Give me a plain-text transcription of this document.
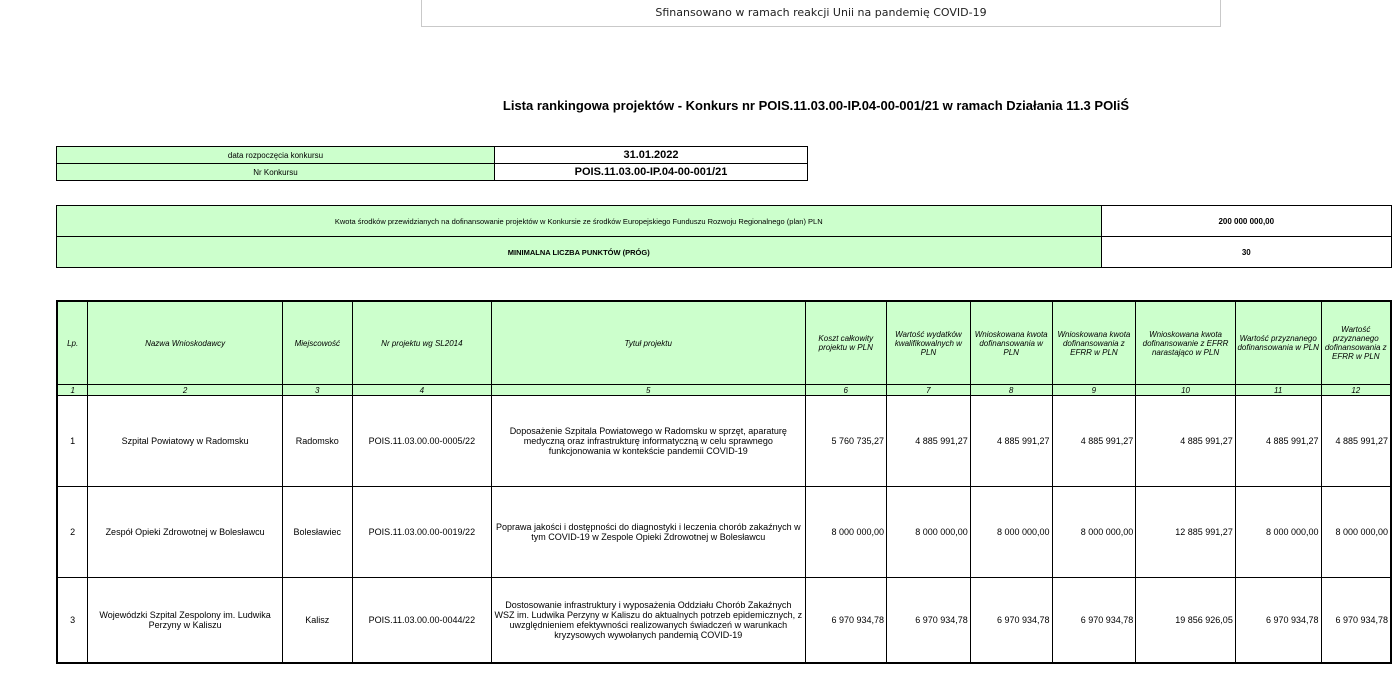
Sfinansowano w ramach reakcji Unii na pandemię COVID-19
Lista rankingowa projektów - Konkurs nr POIS.11.03.00-IP.04-00-001/21 w ramach Działania 11.3 POIiŚ
data rozpoczęcia konkursu	31.01.2022
Nr Konkursu	POIS.11.03.00-IP.04-00-001/21
Kwota środków przewidzianych na dofinansowanie projektów w Konkursie ze środków Europejskiego Funduszu Rozwoju Regionalnego (plan) PLN	200 000 000,00
MINIMALNA LICZBA PUNKTÓW (PRÓG)	30
Lp.	Nazwa Wnioskodawcy	Miejscowość	Nr projektu wg SL2014	Tytuł projektu	Koszt całkowity projektu w PLN	Wartość wydatków kwalifikowalnych w PLN	Wnioskowana kwota dofinansowania w PLN	Wnioskowana kwota dofinansowania z EFRR w PLN	Wnioskowana kwota dofinansowanie z EFRR narastająco w PLN	Wartość przyznanego dofinansowania w PLN	Wartość przyznanego dofinansowania z EFRR w PLN
1	2	3	4	5	6	7	8	9	10	11	12
1	Szpital Powiatowy w Radomsku	Radomsko	POIS.11.03.00.00-0005/22	Doposażenie Szpitala Powiatowego w Radomsku w sprzęt, aparaturę medyczną oraz infrastrukturę informatyczną w celu sprawnego funkcjonowania w kontekście pandemii COVID-19	5 760 735,27	4 885 991,27	4 885 991,27	4 885 991,27	4 885 991,27	4 885 991,27	4 885 991,27
2	Zespół Opieki Zdrowotnej w Bolesławcu	Bolesławiec	POIS.11.03.00.00-0019/22	Poprawa jakości i dostępności do diagnostyki i leczenia chorób zakaźnych w tym COVID-19 w Zespole Opieki Zdrowotnej w Bolesławcu	8 000 000,00	8 000 000,00	8 000 000,00	8 000 000,00	12 885 991,27	8 000 000,00	8 000 000,00
3	Wojewódzki Szpital Zespolony im. Ludwika Perzyny w Kaliszu	Kalisz	POIS.11.03.00.00-0044/22	Dostosowanie infrastruktury i wyposażenia Oddziału Chorób Zakaźnych WSZ im. Ludwika Perzyny w Kaliszu do aktualnych potrzeb epidemicznych, z uwzględnieniem efektywności realizowanych świadczeń w warunkach kryzysowych wywołanych pandemią COVID-19	6 970 934,78	6 970 934,78	6 970 934,78	6 970 934,78	19 856 926,05	6 970 934,78	6 970 934,78
